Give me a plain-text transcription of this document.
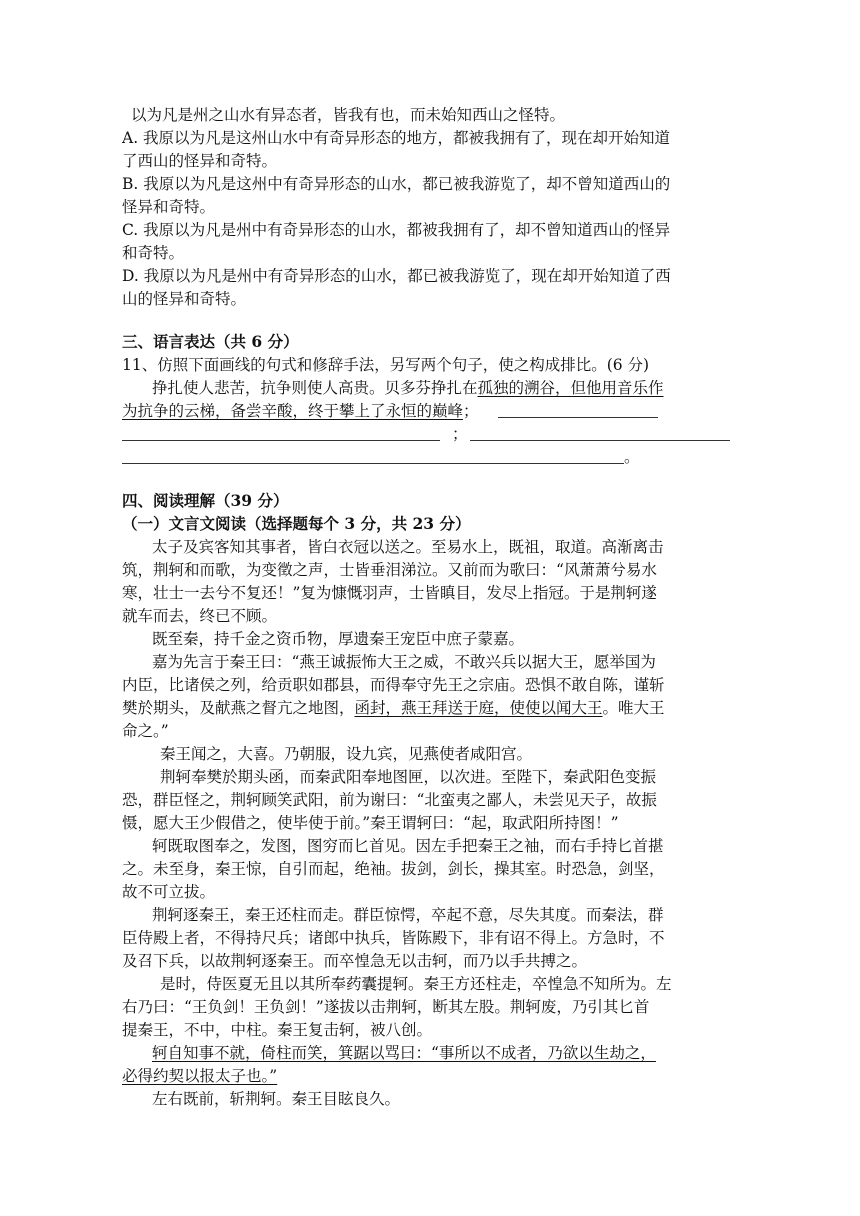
以为凡是州之山水有异态者，皆我有也，而未始知西山之怪特。
A. 我原以为凡是这州山水中有奇异形态的地方，都被我拥有了，现在却开始知道
了西山的怪异和奇特。
B. 我原以为凡是这州中有奇异形态的山水，都已被我游览了，却不曾知道西山的
怪异和奇特。
C. 我原以为凡是州中有奇异形态的山水，都被我拥有了，却不曾知道西山的怪异
和奇特。
D. 我原以为凡是州中有奇异形态的山水，都已被我游览了，现在却开始知道了西
山的怪异和奇特。
三、语言表达（共 6 分）
11、仿照下面画线的句式和修辞手法，另写两个句子，使之构成排比。(6 分)
挣扎使人悲苦，抗争则使人高贵。贝多芬挣扎在孤独的溯谷，但他用音乐作
为抗争的云梯，备尝辛酸，终于攀上了永恒的巅峰；
；
。
四、阅读理解（39 分）
（一）文言文阅读（选择题每个 3 分，共 23 分）
太子及宾客知其事者，皆白衣冠以送之。至易水上，既祖，取道。高渐离击
筑，荆轲和而歌，为变徵之声，士皆垂泪涕泣。又前而为歌曰：“风萧萧兮易水
寒，壮士一去兮不复还！”复为慷慨羽声，士皆瞋目，发尽上指冠。于是荆轲遂
就车而去，终已不顾。
既至秦，持千金之资币物，厚遗秦王宠臣中庶子蒙嘉。
嘉为先言于秦王曰：“燕王诚振怖大王之威，不敢兴兵以据大王，愿举国为
内臣，比诸侯之列，给贡职如郡县，而得奉守先王之宗庙。恐惧不敢自陈，谨斩
樊於期头，及献燕之督亢之地图，函封，燕王拜送于庭，使使以闻大王。唯大王
命之。”
秦王闻之，大喜。乃朝服，设九宾，见燕使者咸阳宫。
荆轲奉樊於期头函，而秦武阳奉地图匣，以次进。至陛下，秦武阳色变振
恐，群臣怪之，荆轲顾笑武阳，前为谢曰：“北蛮夷之鄙人，未尝见天子，故振
慑，愿大王少假借之，使毕使于前。”秦王谓轲曰：“起，取武阳所持图！”
轲既取图奉之，发图，图穷而匕首见。因左手把秦王之袖，而右手持匕首揕
之。未至身，秦王惊，自引而起，绝袖。拔剑，剑长，操其室。时恐急，剑坚，
故不可立拔。
荆轲逐秦王，秦王还柱而走。群臣惊愕，卒起不意，尽失其度。而秦法，群
臣侍殿上者，不得持尺兵；诸郎中执兵，皆陈殿下，非有诏不得上。方急时，不
及召下兵，以故荆轲逐秦王。而卒惶急无以击轲，而乃以手共搏之。
是时，侍医夏无且以其所奉药囊提轲。秦王方还柱走，卒惶急不知所为。左
右乃曰：“王负剑！王负剑！”遂拔以击荆轲，断其左股。荆轲废，乃引其匕首
提秦王，不中，中柱。秦王复击轲，被八创。
轲自知事不就，倚柱而笑，箕踞以骂曰：“事所以不成者，乃欲以生劫之，
必得约契以报太子也。”
左右既前，斩荆轲。秦王目眩良久。
